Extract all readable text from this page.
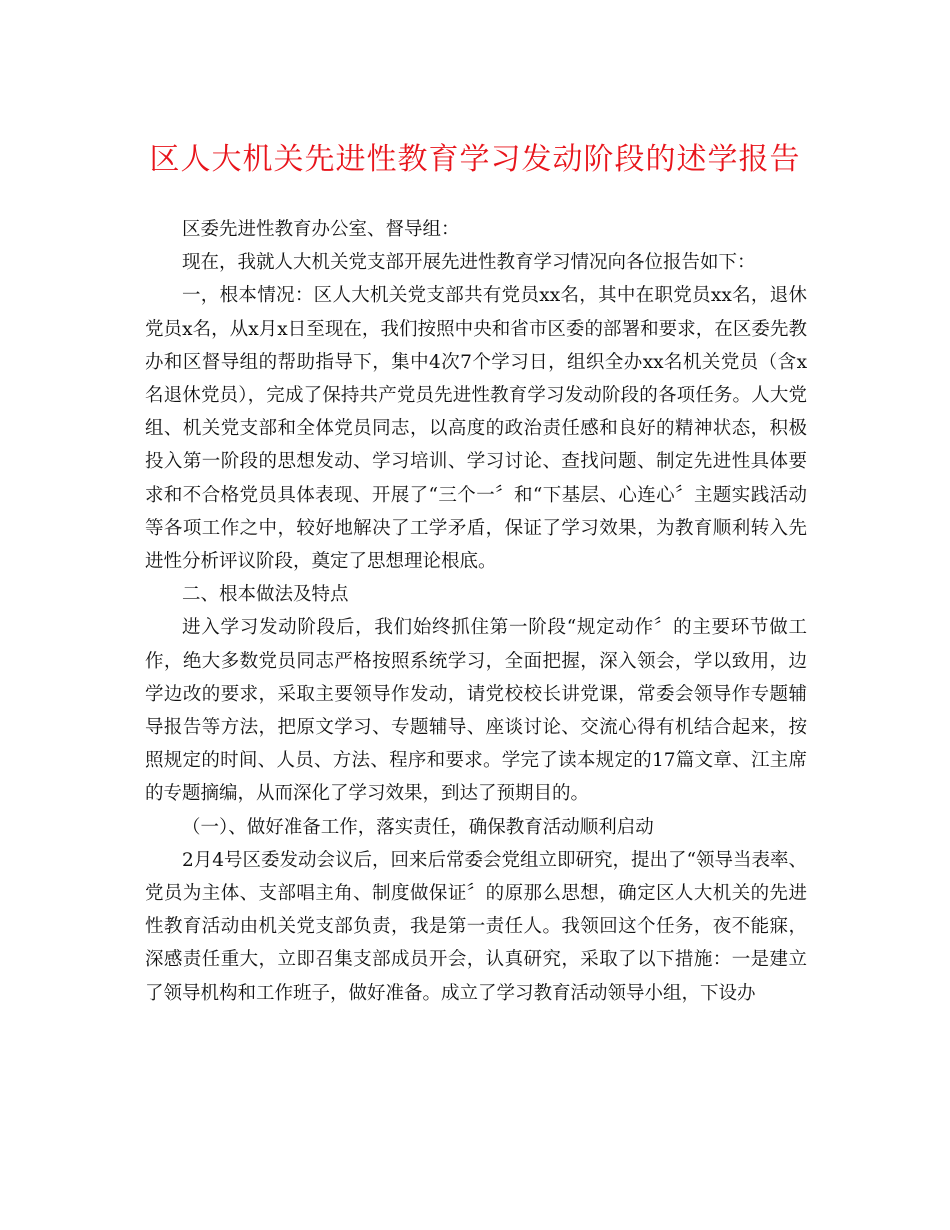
区人大机关先进性教育学习发动阶段的述学报告

区委先进性教育办公室、督导组：

现在，我就人大机关党支部开展先进性教育学习情况向各位报告如下：

一，根本情况：区人大机关党支部共有党员xx名，其中在职党员xx名，退休党员x名，从x月x日至现在，我们按照中央和省市区委的部署和要求，在区委先教办和区督导组的帮助指导下，集中4次7个学习日，组织全办xx名机关党员（含x名退休党员），完成了保持共产党员先进性教育学习发动阶段的各项任务。人大党组、机关党支部和全体党员同志，以高度的政治责任感和良好的精神状态，积极投入第一阶段的思想发动、学习培训、学习讨论、查找问题、制定先进性具体要求和不合格党员具体表现、开展了“三个一〞和“下基层、心连心〞主题实践活动等各项工作之中，较好地解决了工学矛盾，保证了学习效果，为教育顺利转入先进性分析评议阶段，奠定了思想理论根底。

二、根本做法及特点

进入学习发动阶段后，我们始终抓住第一阶段“规定动作〞的主要环节做工作，绝大多数党员同志严格按照系统学习，全面把握，深入领会，学以致用，边学边改的要求，采取主要领导作发动，请党校校长讲党课，常委会领导作专题辅导报告等方法，把原文学习、专题辅导、座谈讨论、交流心得有机结合起来，按照规定的时间、人员、方法、程序和要求。学完了读本规定的17篇文章、江主席的专题摘编，从而深化了学习效果，到达了预期目的。

（一）、做好准备工作，落实责任，确保教育活动顺利启动

2月4号区委发动会议后，回来后常委会党组立即研究，提出了“领导当表率、党员为主体、支部唱主角、制度做保证〞的原那么思想，确定区人大机关的先进性教育活动由机关党支部负责，我是第一责任人。我领回这个任务，夜不能寐，深感责任重大，立即召集支部成员开会，认真研究，采取了以下措施：一是建立了领导机构和工作班子，做好准备。成立了学习教育活动领导小组，下设办
